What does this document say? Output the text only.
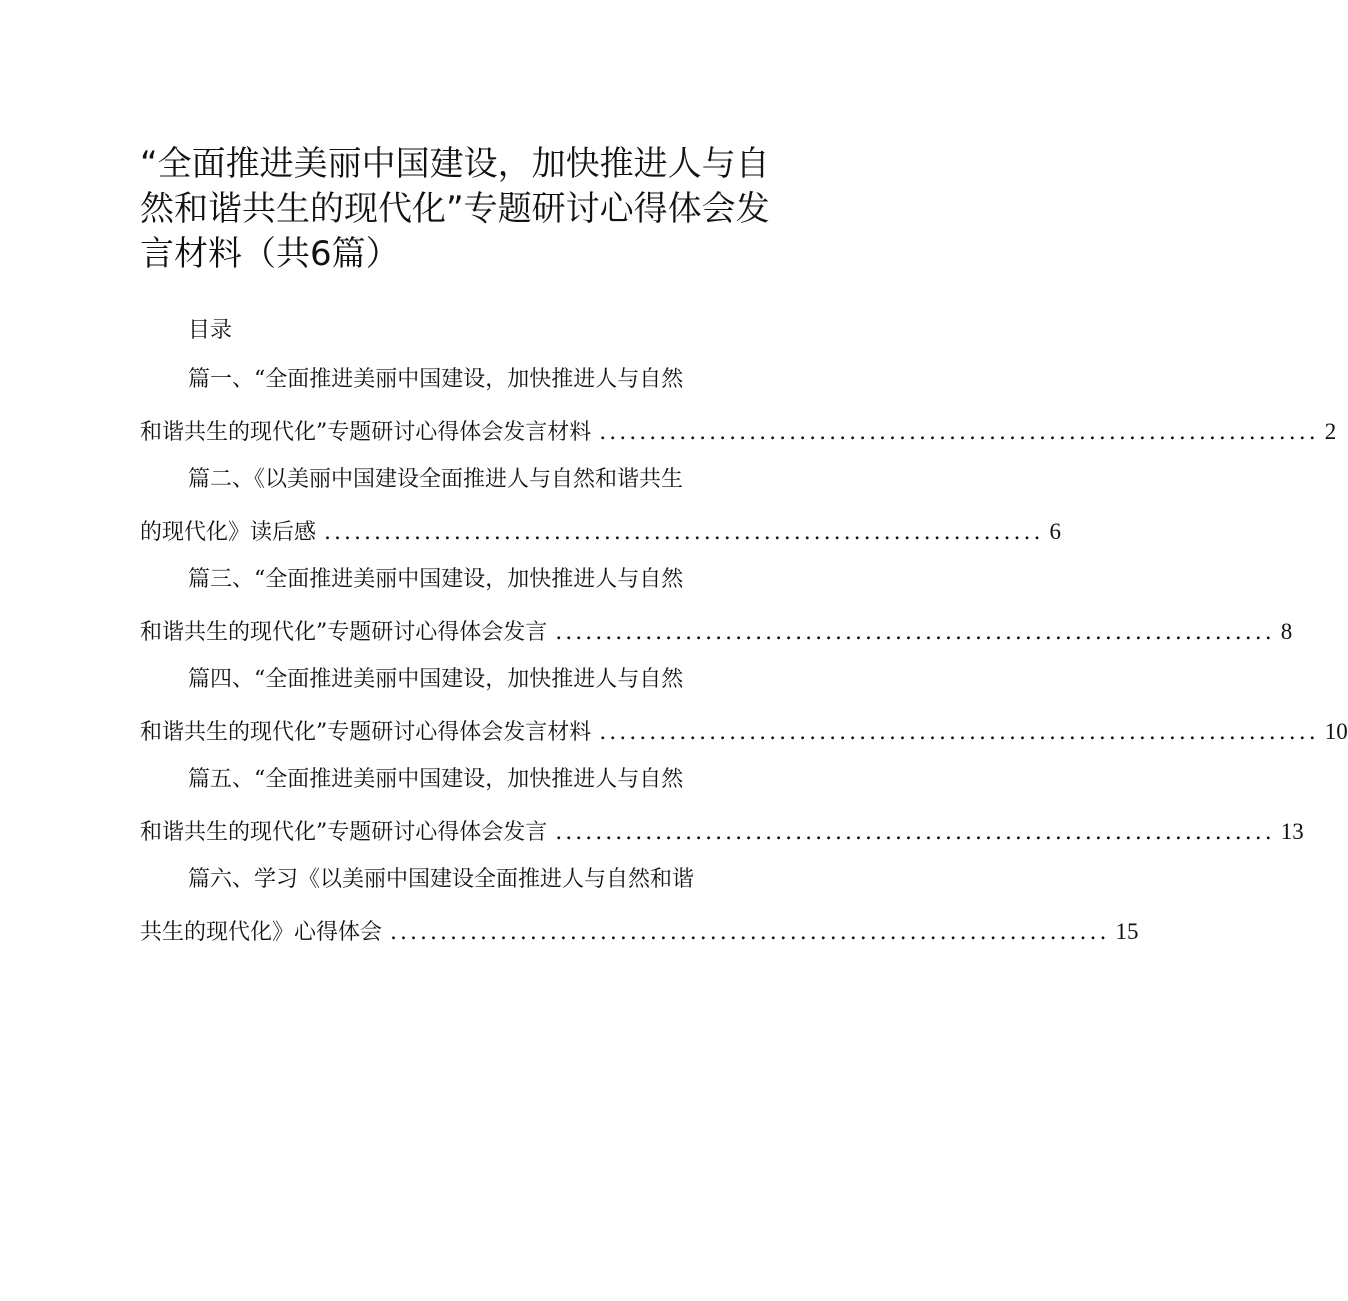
“全面推进美丽中国建设，加快推进人与自然和谐共生的现代化”专题研讨心得体会发言材料（共6篇）
目录
篇一、“全面推进美丽中国建设，加快推进人与自然
和谐共生的现代化”专题研讨心得体会发言材料 ........................................................................ 2
篇二、《以美丽中国建设全面推进人与自然和谐共生
的现代化》读后感 ........................................................................ 6
篇三、“全面推进美丽中国建设，加快推进人与自然
和谐共生的现代化”专题研讨心得体会发言 ........................................................................ 8
篇四、“全面推进美丽中国建设，加快推进人与自然
和谐共生的现代化”专题研讨心得体会发言材料 ........................................................................ 10
篇五、“全面推进美丽中国建设，加快推进人与自然
和谐共生的现代化”专题研讨心得体会发言 ........................................................................ 13
篇六、学习《以美丽中国建设全面推进人与自然和谐
共生的现代化》心得体会 ........................................................................ 15
